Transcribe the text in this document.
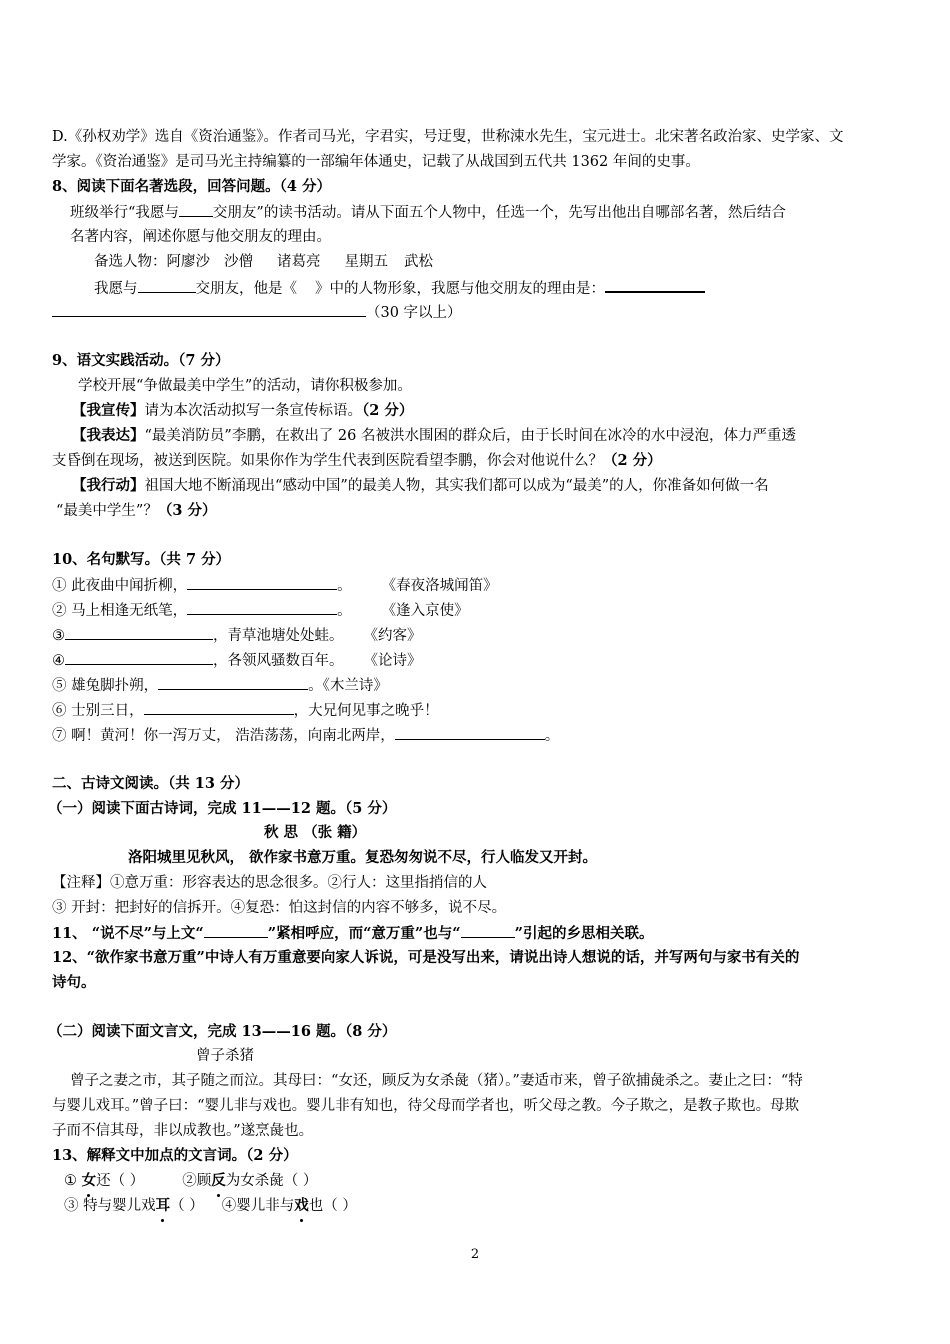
D.《孙权劝学》选自《资治通鉴》。作者司马光，字君实，号迂叟，世称涑水先生，宝元进士。北宋著名政治家、史学家、文
学家。《资治通鉴》是司马光主持编纂的一部编年体通史，记载了从战国到五代共 1362 年间的史事。
8、阅读下面名著选段，回答问题。（4 分）
班级举行“我愿与 交朋友”的读书活动。请从下面五个人物中，任选一个，先写出他出自哪部名著，然后结合
名著内容，阐述你愿与他交朋友的理由。
备选人物：阿廖沙 沙僧 诸葛亮 星期五 武松
我愿与	交朋友，他是《 》中的人物形象，我愿与他交朋友的理由是：
（30 字以上）
9、语文实践活动。（7 分）
学校开展“争做最美中学生”的活动，请你积极参加。
【我宣传】请为本次活动拟写一条宣传标语。（2 分）
【我表达】“最美消防员”李鹏，在救出了 26 名被洪水围困的群众后，由于长时间在冰冷的水中浸泡，体力严重透
支昏倒在现场，被送到医院。如果你作为学生代表到医院看望李鹏，你会对他说什么？（2 分）
【我行动】祖国大地不断涌现出“感动中国”的最美人物，其实我们都可以成为“最美”的人，你准备如何做一名
“最美中学生”？（3 分）
10、名句默写。（共 7 分）
① 此夜曲中闻折柳，	。 《春夜洛城闻笛》
② 马上相逢无纸笔，	。 《逢入京使》
③	，青草池塘处处蛙。 《约客》
④	，各领风骚数百年。 《论诗》
⑤ 雄兔脚扑朔，	。《木兰诗》
⑥ 士别三日，	，大兄何见事之晚乎！
⑦ 啊！黄河！你一泻万丈， 浩浩荡荡，向南北两岸，	。
二、古诗文阅读。（共 13 分）
（一）阅读下面古诗词，完成 11——12 题。（5 分）
秋 思 （张 籍）
洛阳城里见秋风， 欲作家书意万重。复恐匆匆说不尽，行人临发又开封。
【注释】①意万重：形容表达的思念很多。②行人：这里指捎信的人
③ 开封：把封好的信拆开。④复恐：怕这封信的内容不够多，说不尽。
11、 “说不尽”与上文“	”紧相呼应，而“意万重”也与“	”引起的乡思相关联。
12、“欲作家书意万重”中诗人有万重意要向家人诉说，可是没写出来，请说出诗人想说的话，并写两句与家书有关的
诗句。
（二）阅读下面文言文，完成 13——16 题。（8 分）
曾子杀猪
曾子之妻之市，其子随之而泣。其母曰：“女还，顾反为女杀彘（猪）。”妻适市来，曾子欲捕彘杀之。妻止之曰：“特
与婴儿戏耳。”曾子曰：“婴儿非与戏也。婴儿非有知也，待父母而学者也，听父母之教。今子欺之，是教子欺也。母欺
子而不信其母，非以成教也。”遂烹彘也。
13、解释文中加点的文言词。（2 分）
① 女还（ ）	②顾反为女杀彘（ ）
③ 特与婴儿戏耳（ ） ④婴儿非与戏也（ ）
2
